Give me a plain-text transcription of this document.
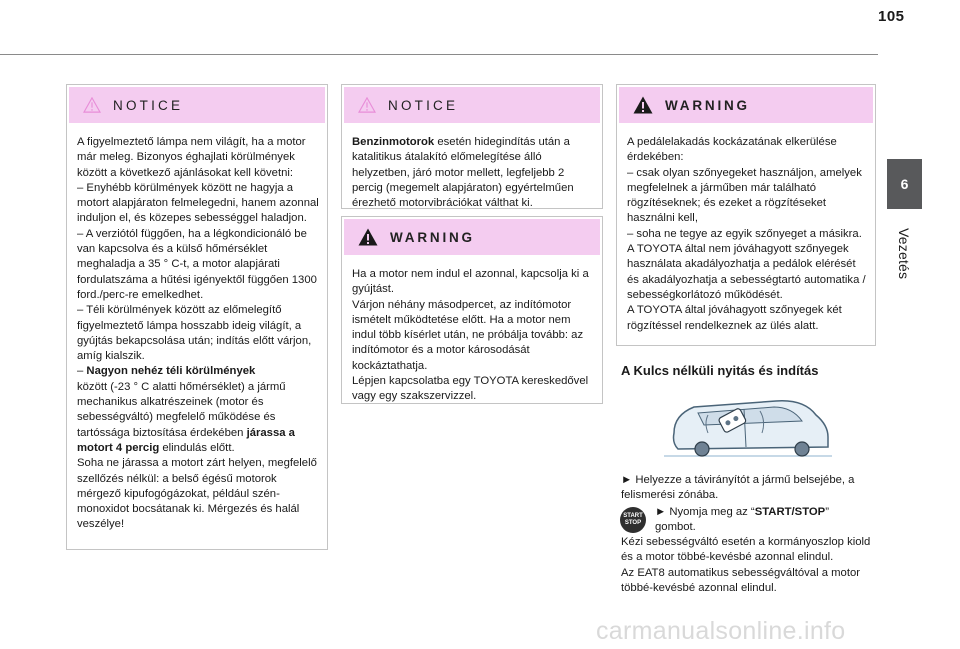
105
6
Vezetés
NOTICE
A figyelmeztető lámpa nem világít, ha a motor már meleg. Bizonyos éghajlati körülmények között a következő ajánlásokat kell követni:
– Enyhébb körülmények között ne hagyja a motort alapjáraton felmelegedni, hanem azonnal induljon el, és közepes sebességgel haladjon.
– A verziótól függően, ha a légkondicionáló be van kapcsolva és a külső hőmérséklet meghaladja a 35 ° C-t, a motor alapjárati fordulatszáma a hűtési igényektől függően 1300 ford./perc-re emelkedhet.
– Téli körülmények között az előmelegítő figyelmeztető lámpa hosszabb ideig világít, a gyújtás bekapcsolása után; indítás előtt várjon, amíg kialszik.
– Nagyon nehéz téli körülmények
között (-23 ° C alatti hőmérséklet) a jármű mechanikus alkatrészeinek (motor és sebességváltó) megfelelő működése és tartóssága biztosítása érdekében járassa a motort 4 percig elindulás előtt.
Soha ne járassa a motort zárt helyen, megfelelő szellőzés nélkül: a belső égésű motorok mérgező kipufogógázokat, például szén-monoxidot bocsátanak ki. Mérgezés és halál veszélye!
NOTICE
Benzinmotorok esetén hidegindítás után a katalitikus átalakító előmelegítése álló helyzetben, járó motor mellett, legfeljebb 2 percig (megemelt alapjáraton) egyértelműen érezhető motorvibrációkat válthat ki.
WARNING
Ha a motor nem indul el azonnal, kapcsolja ki a gyújtást.
Várjon néhány másodpercet, az indítómotor ismételt működtetése előtt. Ha a motor nem indul több kísérlet után, ne próbálja tovább: az indítómotor és a motor károsodását kockáztathatja.
Lépjen kapcsolatba egy TOYOTA kereskedővel vagy egy szakszervizzel.
WARNING
A pedálelakadás kockázatának elkerülése érdekében:
– csak olyan szőnyegeket használjon, amelyek megfelelnek a járműben már található rögzítéseknek; és ezeket a rögzítéseket használni kell,
– soha ne tegye az egyik szőnyeget a másikra.
A TOYOTA által nem jóváhagyott szőnyegek használata akadályozhatja a pedálok elérését és akadályozhatja a sebességtartó automatika / sebességkorlátozó működését.
A TOYOTA által jóváhagyott szőnyegek két rögzítéssel rendelkeznek az ülés alatt.
A Kulcs nélküli nyitás és indítás
► Helyezze a távirányítót a jármű belsejébe, a felismerési zónába.
START
STOP
► Nyomja meg az “START/STOP”
gombot.
Kézi sebességváltó esetén a kormányoszlop kiold és a motor többé-kevésbé azonnal elindul.
Az EAT8 automatikus sebességváltóval a motor többé-kevésbé azonnal elindul.
carmanualsonline.info
